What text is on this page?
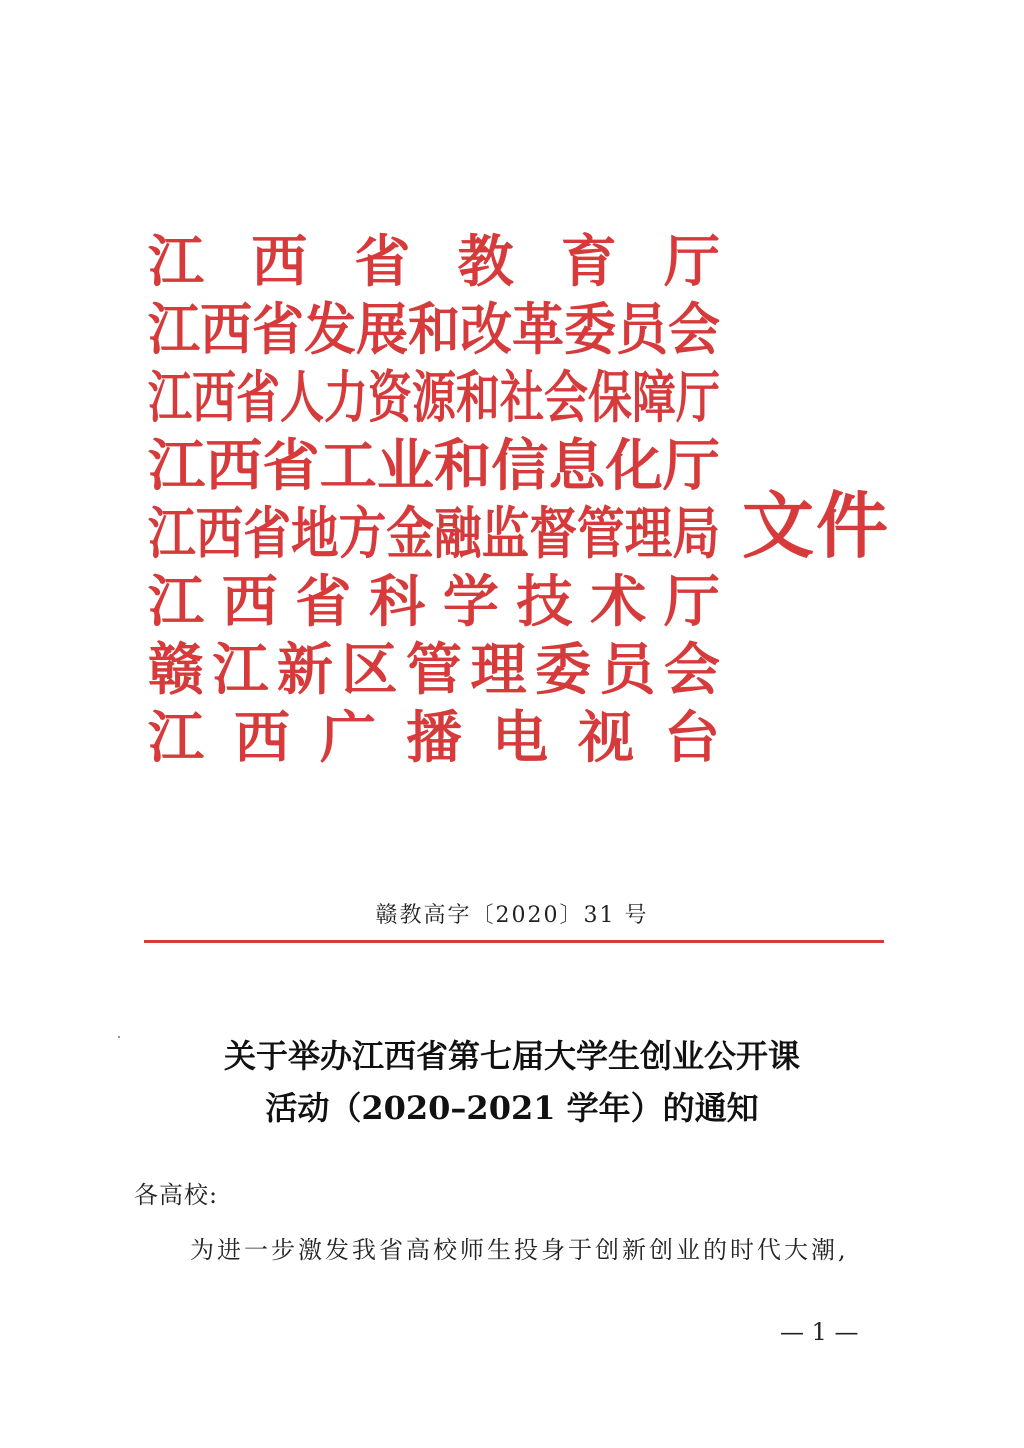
江 西 省 教 育 厅
江西省发展和改革委员会
江西省人力资源和社会保障厅
江西省工业和信息化厅
江西省地方金融监督管理局
江 西 省 科 学 技 术 厅
赣 江 新 区 管 理 委 员 会
江 西 广 播 电 视 台
文件
赣教高字〔2020〕31 号
关于举办江西省第七届大学生创业公开课
活动（2020–2021 学年）的通知
各高校:
为进一步激发我省高校师生投身于创新创业的时代大潮,
— 1 —
